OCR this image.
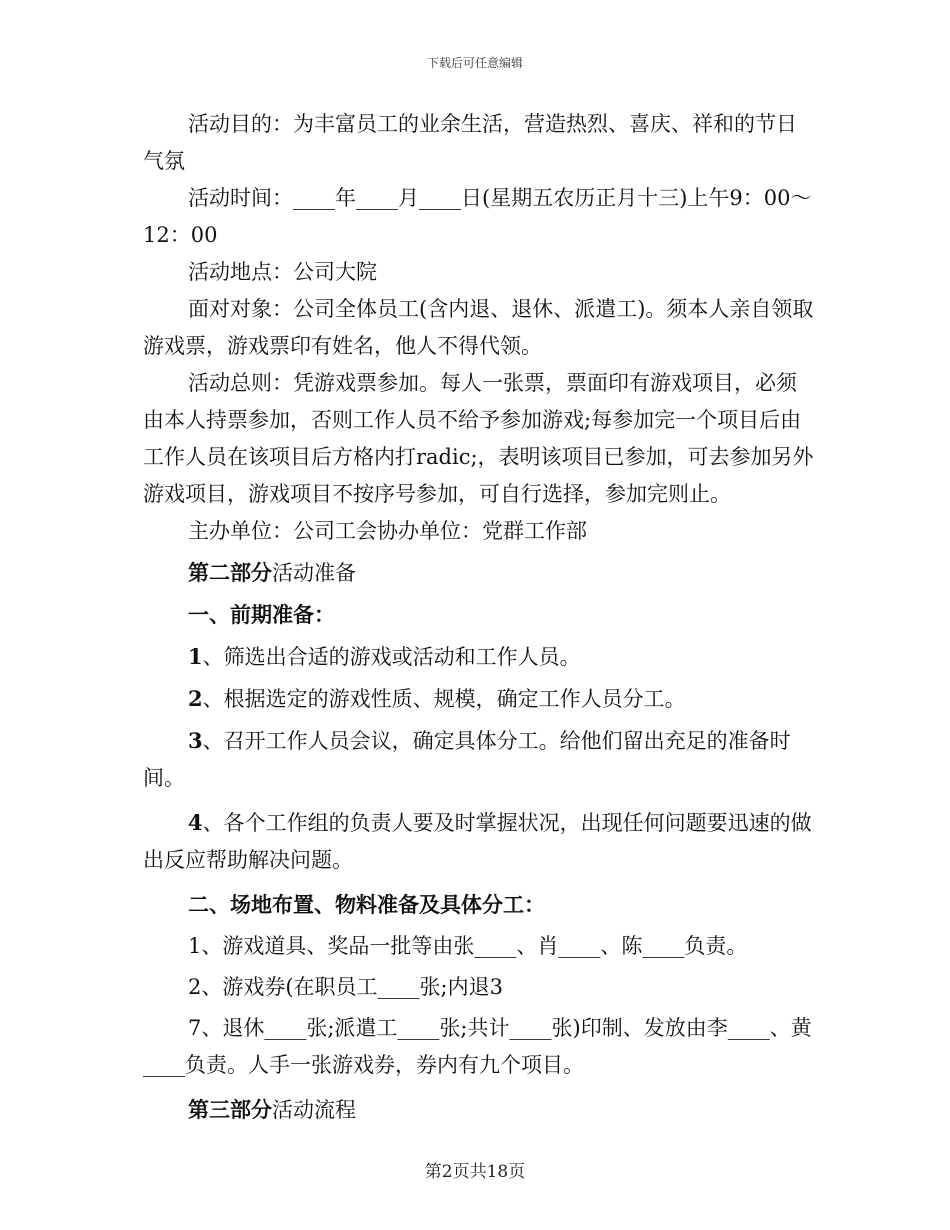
下载后可任意编辑

活动目的：为丰富员工的业余生活，营造热烈、喜庆、祥和的节日气氛

活动时间：____年____月____日(星期五农历正月十三)上午9：00～12：00

活动地点：公司大院

面对对象：公司全体员工(含内退、退休、派遣工)。须本人亲自领取游戏票，游戏票印有姓名，他人不得代领。

活动总则：凭游戏票参加。每人一张票，票面印有游戏项目，必须由本人持票参加，否则工作人员不给予参加游戏;每参加完一个项目后由工作人员在该项目后方格内打radic;，表明该项目已参加，可去参加另外游戏项目，游戏项目不按序号参加，可自行选择，参加完则止。

主办单位：公司工会协办单位：党群工作部

第二部分活动准备

一、前期准备：

1、筛选出合适的游戏或活动和工作人员。

2、根据选定的游戏性质、规模，确定工作人员分工。

3、召开工作人员会议，确定具体分工。给他们留出充足的准备时间。

4、各个工作组的负责人要及时掌握状况，出现任何问题要迅速的做出反应帮助解决问题。

二、场地布置、物料准备及具体分工：

1、游戏道具、奖品一批等由张____、肖____、陈____负责。

2、游戏券(在职员工____张;内退3

7、退休____张;派遣工____张;共计____张)印制、发放由李____、黄____负责。人手一张游戏券，券内有九个项目。

第三部分活动流程

第2页共18页
